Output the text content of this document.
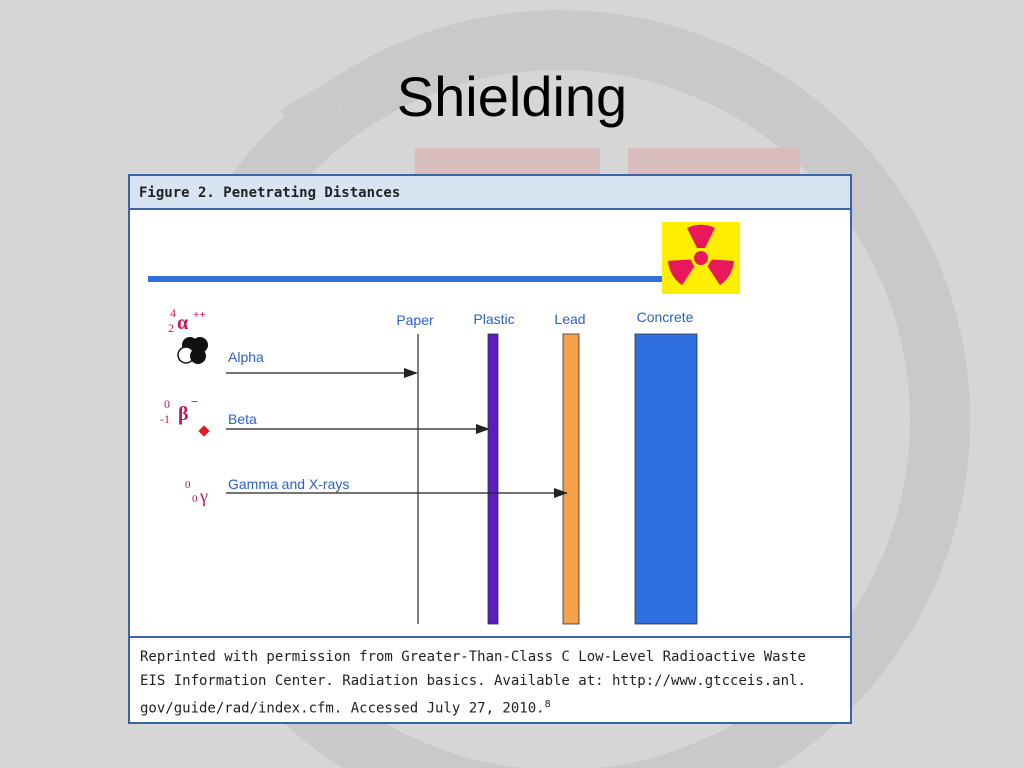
Shielding
Figure 2. Penetrating Distances
Paper	Plastic	Lead	Concrete
4
2 α ++
Alpha
0
-1 β
−
Beta
0
0 γ
Gamma and X-rays
Reprinted with permission from Greater-Than-Class C Low-Level Radioactive Waste
EIS Information Center. Radiation basics. Available at: http://www.gtcceis.anl.
gov/guide/rad/index.cfm. Accessed July 27, 2010.$^8$
